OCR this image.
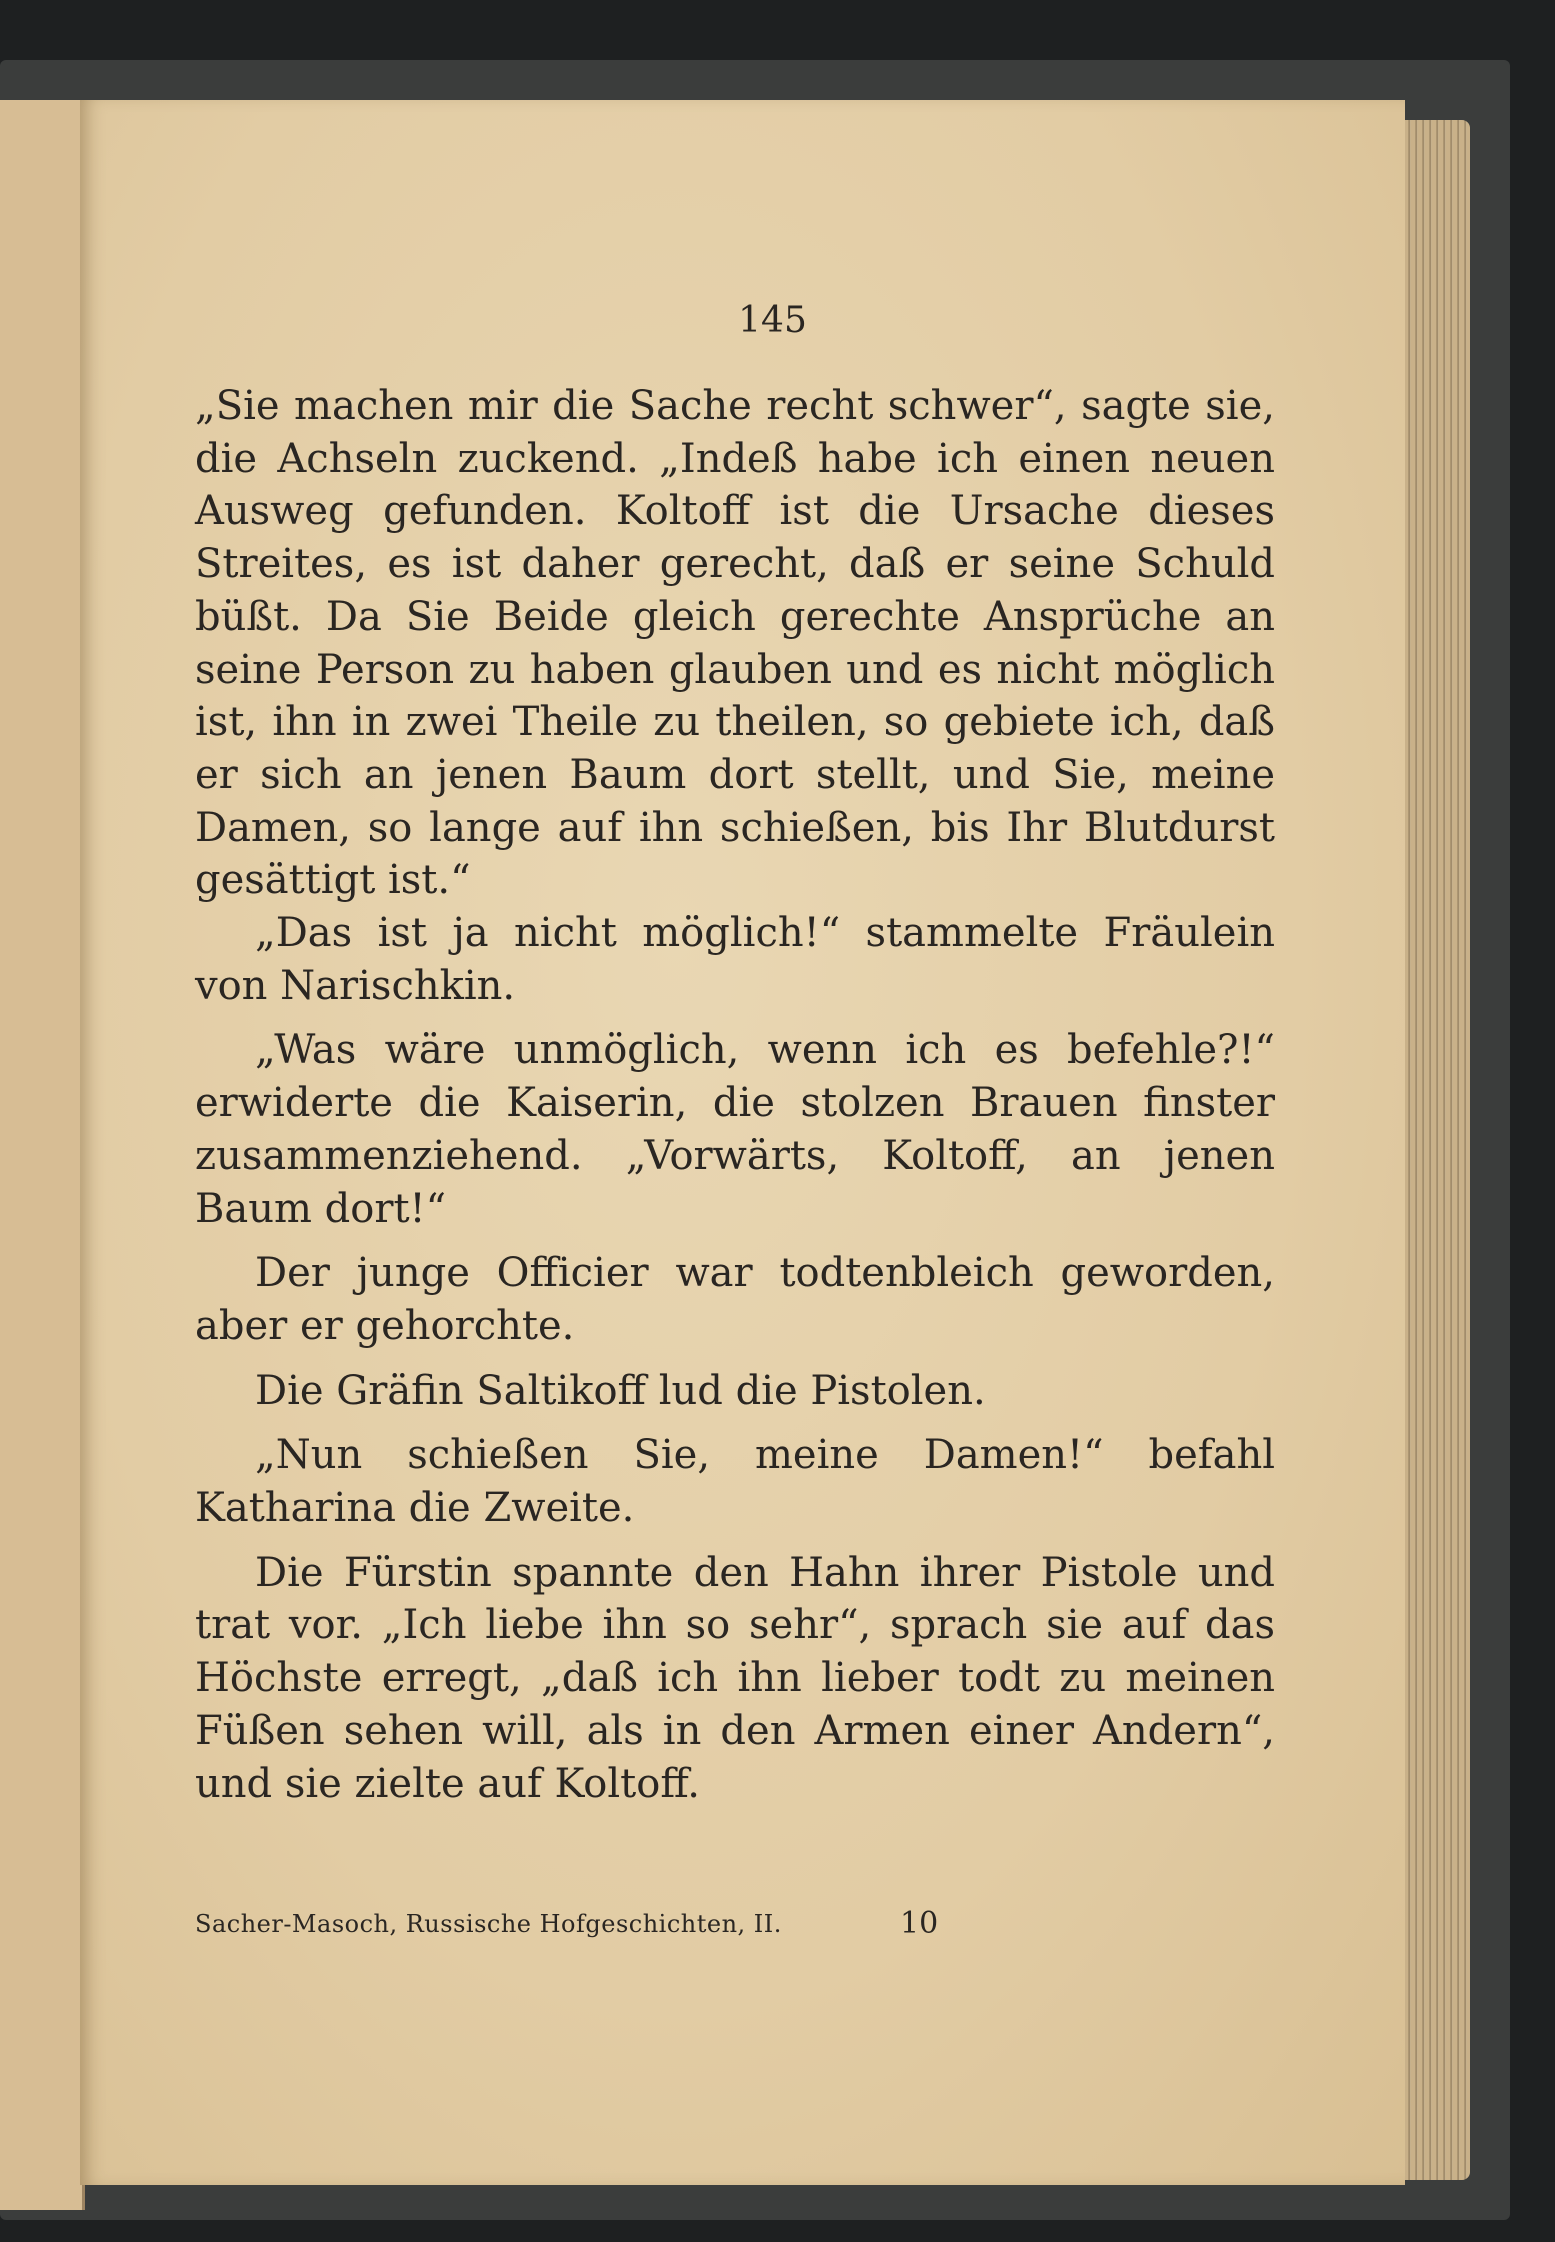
145

„Sie machen mir die Sache recht schwer“, sagte sie, die Achseln zuckend. „Indeß habe ich einen neuen Ausweg gefunden. Koltoff ist die Ursache dieses Streites, es ist daher gerecht, daß er seine Schuld büßt. Da Sie Beide gleich gerechte Ansprüche an seine Person zu haben glauben und es nicht möglich ist, ihn in zwei Theile zu theilen, so gebiete ich, daß er sich an jenen Baum dort stellt, und Sie, meine Damen, so lange auf ihn schießen, bis Ihr Blutdurst gesättigt ist.“

„Das ist ja nicht möglich!“ stammelte Fräulein von Narischkin.

„Was wäre unmöglich, wenn ich es befehle?!“ erwiderte die Kaiserin, die stolzen Brauen finster zusammenziehend. „Vorwärts, Koltoff, an jenen Baum dort!“

Der junge Officier war todtenbleich geworden, aber er gehorchte.

Die Gräfin Saltikoff lud die Pistolen.

„Nun schießen Sie, meine Damen!“ befahl Katharina die Zweite.

Die Fürstin spannte den Hahn ihrer Pistole und trat vor. „Ich liebe ihn so sehr“, sprach sie auf das Höchste erregt, „daß ich ihn lieber todt zu meinen Füßen sehen will, als in den Armen einer Andern“, und sie zielte auf Koltoff.

Sacher-Masoch, Russische Hofgeschichten, II.	10
